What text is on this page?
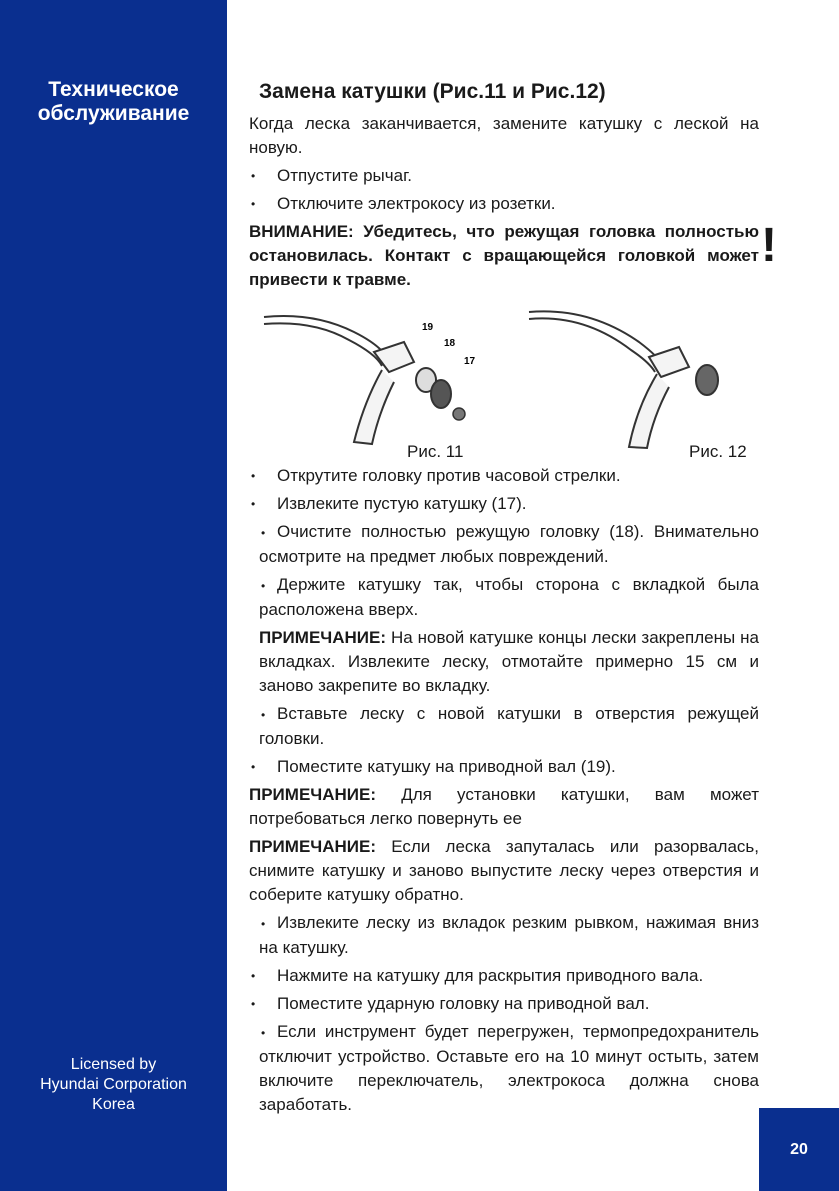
Техническое
обслуживание
Licensed by
Hyundai Corporation
Korea
20
Замена катушки (Рис.11 и Рис.12)
Когда леска заканчивается, замените катушку с леской на новую.
• Отпустите рычаг.
• Отключите электрокосу из розетки.
ВНИМАНИЕ: Убедитесь, что режущая головка полностью остановилась. Контакт с вращающейся головкой может привести к травме.
!
19
18
17
Рис. 11	Рис. 12
• Открутите головку против часовой стрелки.
• Извлеките пустую катушку (17).
• Очистите полностью режущую головку (18). Внимательно осмотрите на предмет любых повреждений.
• Держите катушку так, чтобы сторона с вкладкой была расположена вверх.
ПРИМЕЧАНИЕ: На новой катушке концы лески закреплены на вкладках. Извлеките леску, отмотайте примерно 15 см и заново закрепите во вкладку.
• Вставьте леску с новой катушки в отверстия режущей головки.
• Поместите катушку на приводной вал (19).
ПРИМЕЧАНИЕ: Для установки катушки, вам может потребоваться легко повернуть ее
ПРИМЕЧАНИЕ: Если леска запуталась или разорвалась, снимите катушку и заново выпустите леску через отверстия и соберите катушку обратно.
• Извлеките леску из вкладок резким рывком, нажимая вниз на катушку.
• Нажмите на катушку для раскрытия приводного вала.
• Поместите ударную головку на приводной вал.
• Если инструмент будет перегружен, термопредохранитель отключит устройство. Оставьте его на 10 минут остыть, затем включите переключатель, электрокоса должна снова заработать.
